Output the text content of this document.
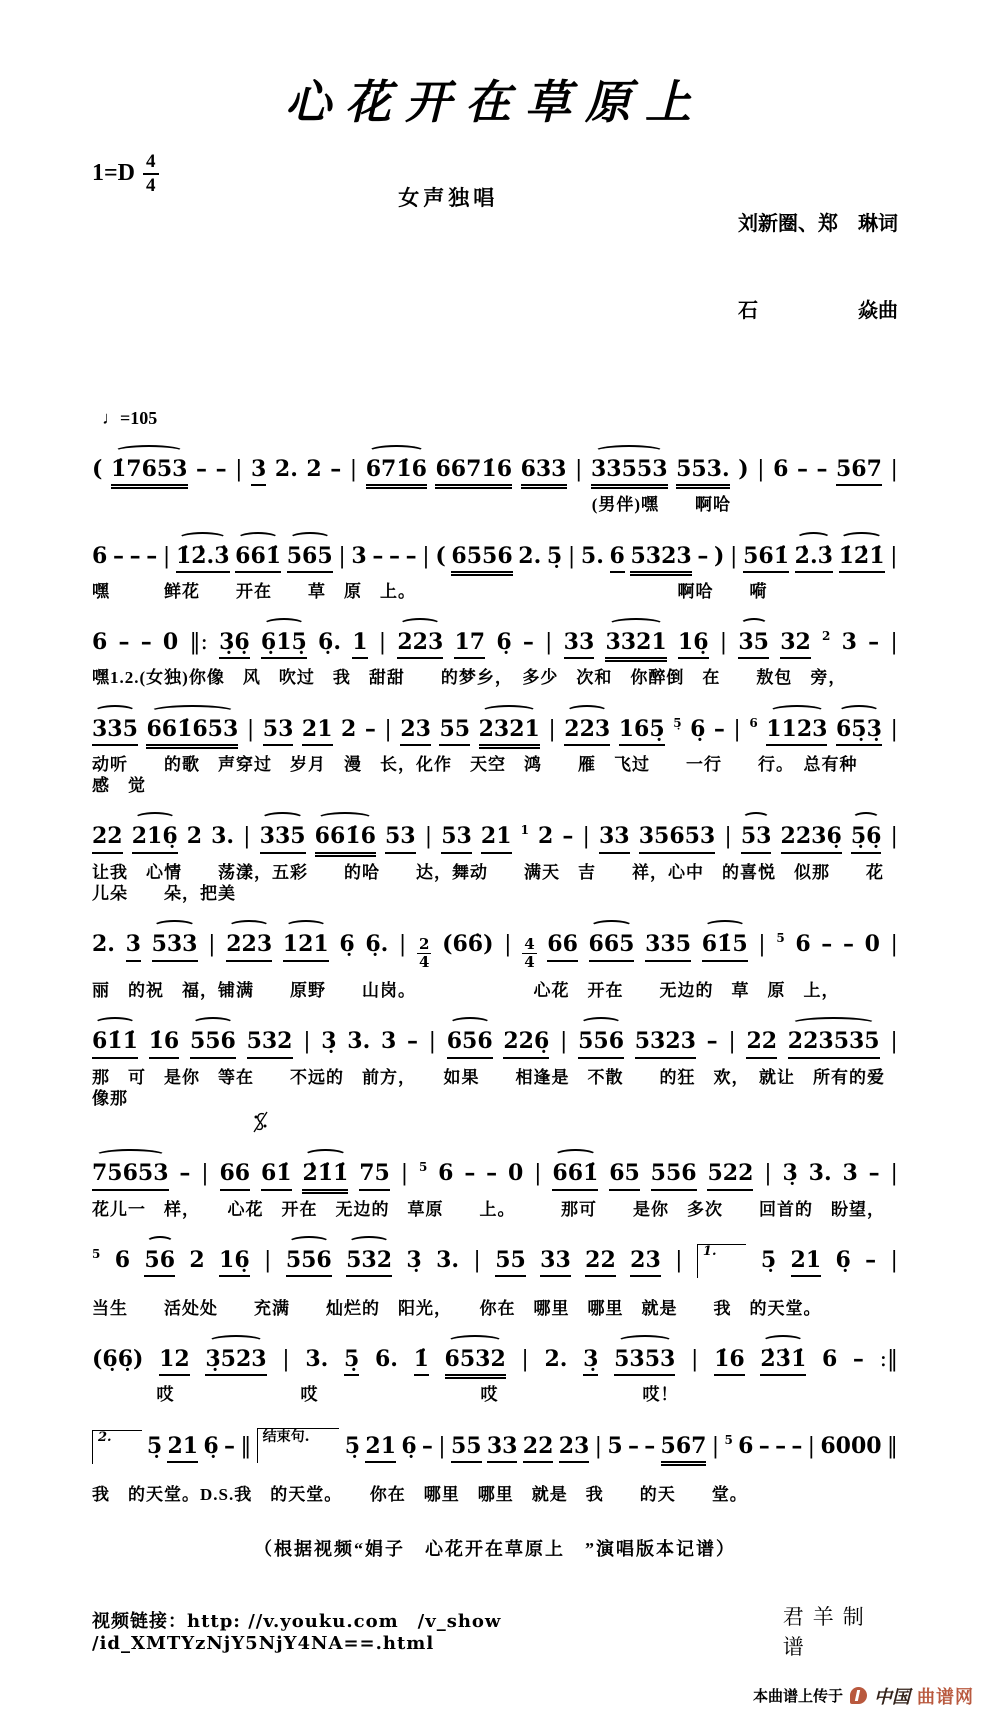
心花开在草原上
1=D 4
4
女声独唱

刘新圈、郑　琳词

石　　　　　焱曲

♩=105
( 1̇7653 – – | 3 2. 2 – | 671̇6 6671̇6 633 | 33553 553. ) | 6 – – 567 |
(男伴)嘿　　啊哈
6 – – – | 1̇2̇.3̇ 661̇ 565 | 3 – – – | ( 6556 2. 5̣ | 5. 6 5323 – ) | 561̇ 2̇.3̇ 1̇2̇1̇ |
嘿　　　鲜花　　开在　　草　原　上。　　　　　　　　　　　　　　　啊哈　　嗬
6 – – 0 ‖: 3̣6̣ 6̣15̣ 6̣. 1 | 223 17 6̣ – | 33 3321 16̣ | 35 32 2 3 – |
嘿1.2.(女独)你像　风　吹过　我　甜甜　　的梦乡，　多少　次和　你醉倒　在　　敖包　旁，
335 661̇653 | 53 21 2 – | 23 55 2321 | 223 165̣ 5̣ 6̣ – | 6 1123 65̣3̣ |
动听　　的歌　声穿过　岁月　漫　长，化作　天空　鸿　　雁　飞过　　一行　　行。　总有种　　感　觉
22 216̣ 2 3. | 335 661̇6 53 | 53 21 1 2 – | 33 35653 | 53 2236̣ 5̣6̣ |
让我　心情　　荡漾，五彩　　的哈　　达，舞动　　满天　吉　　祥，心中　的喜悦　似那　　花　　儿朵　　朵，把美
2. 3 533 | 223 121 6̣ 6̣. | 2
4
(66̇) | 4
4
66 665 335 61̇5 | 5 6 – – 0 |
丽　的祝　福，铺满　　原野　　山岗。　　　　　　　心花　开在　　无边的　草　原　上，
61̇1̇ 1̇6 556 532 | 3̣ 3. 3 – | 656 226̣ | 556 5323 – | 22 223535 |
那　可　是你　等在　　不远的　前方，　　如果　　相逢是　不散　　的狂　欢，　就让　所有的爱像那
75653 – | 66 61̇ 2̇1̇1̇ 75 | 5 6 – – 0 | 661̇ 65 556 522 | 3̣ 3. 3 – |
花儿一　样，　　心花　开在　无边的　草原　　上。　　　那可　　是你　多次　　回首的　盼望，
5 6 56 2 16̣ | 556 532 3̣ 3. | 55 33 22 23 |	1.	5̣ 21 6̣ – |
当生　　活处处　　充满　　灿烂的　阳光，　　你在　哪里　哪里　就是　　我　的天堂。
(6̣6̣) 12 3̣523 | 3. 5̣ 6. 1̇ 6532 | 2. 3̣ 5353 | 1̇6 2̇3̇1̇ 6 – :‖
哎　　　　　　　哎　　　　　　　　　哎　　　　　　　　哎！
2.	5̣ 21 6̣ – ‖ 结束句.	5̣ 21 6̣ – | 55 33 22 23 | 5 – – 567 | 5 6 – – – | 6000 ‖
我　的天堂。D.S.我　的天堂。　　你在　哪里　哪里　就是　我　　的天　　堂。
（根据视频“娟子　心花开在草原上　”演唱版本记谱）
视频链接：http: //v.youku.com　/v_show /id_XMTYzNjY5NjY4NA==.html
君羊制谱
本曲谱上传于 中国 曲谱网
